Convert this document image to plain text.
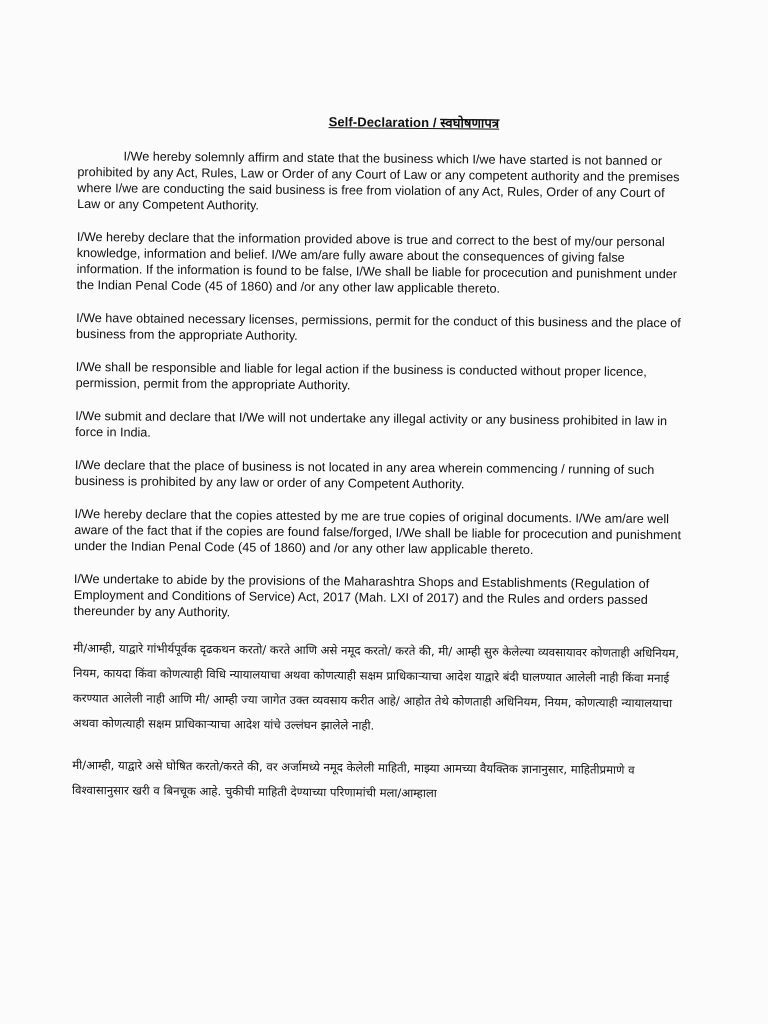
Self-Declaration / स्वघोषणापत्र

I/We hereby solemnly affirm and state that the business which I/we have started is not banned or prohibited by any Act, Rules, Law or Order of any Court of Law or any competent authority and the premises where I/we are conducting the said business is free from violation of any Act, Rules, Order of any Court of Law or any Competent Authority.

I/We hereby declare that the information provided above is true and correct to the best of my/our personal knowledge, information and belief. I/We am/are fully aware about the consequences of giving false information. If the information is found to be false, I/We shall be liable for procecution and punishment under the Indian Penal Code (45 of 1860) and /or any other law applicable thereto.

I/We have obtained necessary licenses, permissions, permit for the conduct of this business and the place of business from the appropriate Authority.

I/We shall be responsible and liable for legal action if the business is conducted without proper licence, permission, permit from the appropriate Authority.

I/We submit and declare that I/We will not undertake any illegal activity or any business prohibited in law in force in India.

I/We declare that the place of business is not located in any area wherein commencing / running of such business is prohibited by any law or order of any Competent Authority.

I/We hereby declare that the copies attested by me are true copies of original documents. I/We am/are well aware of the fact that if the copies are found false/forged, I/We shall be liable for procecution and punishment under the Indian Penal Code (45 of 1860) and /or any other law applicable thereto.

I/We undertake to abide by the provisions of the Maharashtra Shops and Establishments (Regulation of Employment and Conditions of Service) Act, 2017 (Mah. LXI of 2017) and the Rules and orders passed thereunder by any Authority.

मी/आम्ही, याद्वारे गांभीर्यपूर्वक दृढकथन करतो/ करते आणि असे नमूद करतो/ करते की, मी/ आम्ही सुरु केलेल्या व्यवसायावर कोणताही अधिनियम, नियम, कायदा किंवा कोणत्याही विधि न्यायालयाचा अथवा कोणत्याही सक्षम प्राधिकाऱ्याचा आदेश याद्वारे बंदी घालण्यात आलेली नाही किंवा मनाई करण्यात आलेली नाही आणि मी/ आम्ही ज्या जागेत उक्त व्यवसाय करीत आहे/ आहोत तेथे कोणताही अधिनियम, नियम, कोणत्याही न्यायालयाचा अथवा कोणत्याही सक्षम प्राधिकाऱ्याचा आदेश यांचे उल्लंघन झालेले नाही.

मी/आम्ही, याद्वारे असे घोषित करतो/करते की, वर अर्जामध्ये नमूद केलेली माहिती, माझ्या आमच्या वैयक्तिक ज्ञानानुसार, माहितीप्रमाणे व विश्वासानुसार खरी व बिनचूक आहे. चुकीची माहिती देण्याच्या परिणामांची मला/आम्हाला
